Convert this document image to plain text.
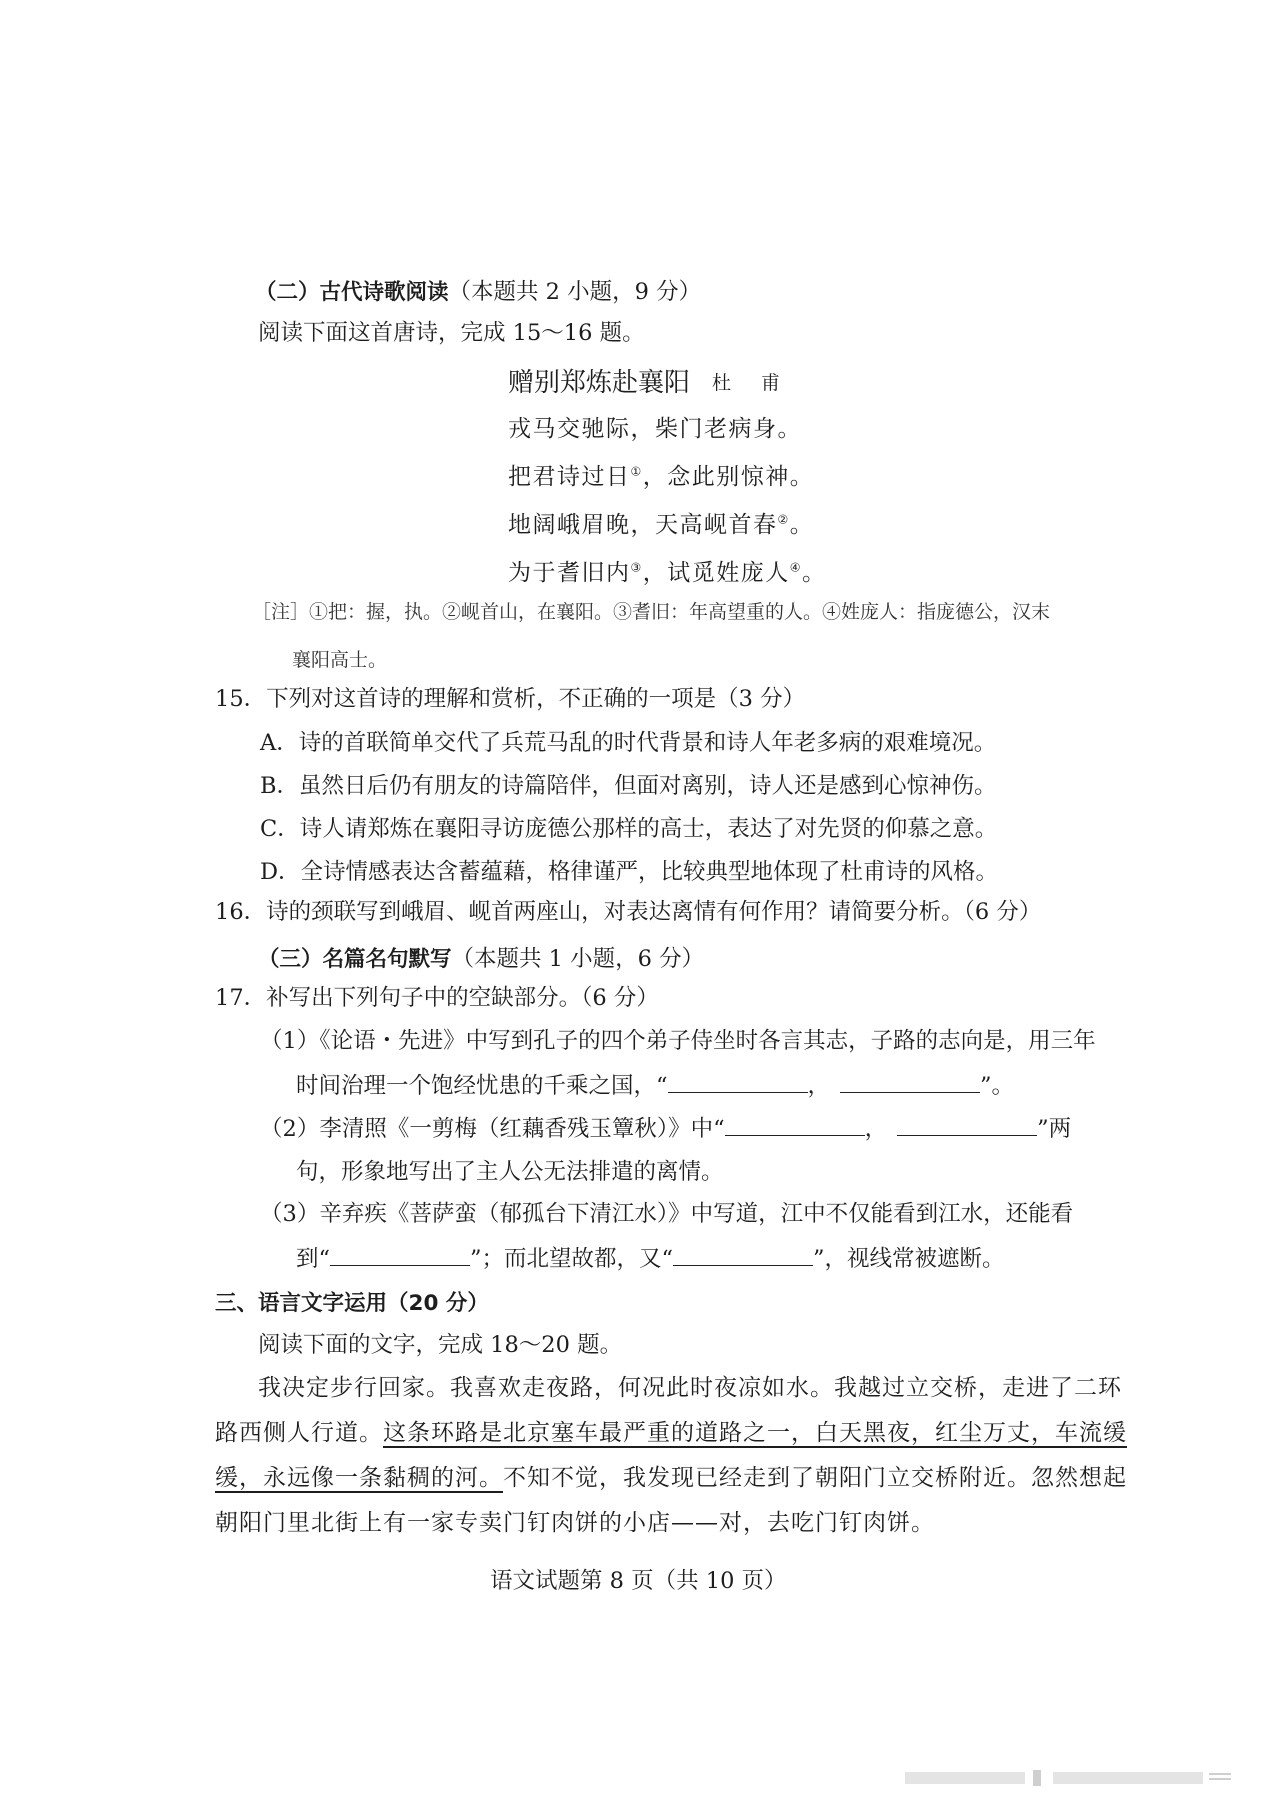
（二）古代诗歌阅读（本题共 2 小题，9 分）
阅读下面这首唐诗，完成 15～16 题。
赠别郑炼赴襄阳 杜 甫
戎马交驰际，柴门老病身。
把君诗过日①，念此别惊神。
地阔峨眉晚，天高岘首春②。
为于耆旧内③，试觅姓庞人④。
［注］①把：握，执。②岘首山，在襄阳。③耆旧：年高望重的人。④姓庞人：指庞德公，汉末
襄阳高士。
15．下列对这首诗的理解和赏析，不正确的一项是（3 分）
A．诗的首联简单交代了兵荒马乱的时代背景和诗人年老多病的艰难境况。
B．虽然日后仍有朋友的诗篇陪伴，但面对离别，诗人还是感到心惊神伤。
C．诗人请郑炼在襄阳寻访庞德公那样的高士，表达了对先贤的仰慕之意。
D．全诗情感表达含蓄蕴藉，格律谨严，比较典型地体现了杜甫诗的风格。
16．诗的颈联写到峨眉、岘首两座山，对表达离情有何作用？请简要分析。（6 分）
（三）名篇名句默写（本题共 1 小题，6 分）
17．补写出下列句子中的空缺部分。（6 分）
（1）《论语・先进》中写到孔子的四个弟子侍坐时各言其志，子路的志向是，用三年
时间治理一个饱经忧患的千乘之国，“	，	”。
（2）李清照《一剪梅（红藕香残玉簟秋）》中“	，	”两
句，形象地写出了主人公无法排遣的离情。
（3）辛弃疾《菩萨蛮（郁孤台下清江水）》中写道，江中不仅能看到江水，还能看
到“	”；而北望故都，又“	”，视线常被遮断。
三、语言文字运用（20 分）
阅读下面的文字，完成 18～20 题。
我决定步行回家。我喜欢走夜路，何况此时夜凉如水。我越过立交桥，走进了二环
路西侧人行道。这条环路是北京塞车最严重的道路之一，白天黑夜，红尘万丈，车流缓
缓，永远像一条黏稠的河。不知不觉，我发现已经走到了朝阳门立交桥附近。忽然想起
朝阳门里北街上有一家专卖门钉肉饼的小店——对，去吃门钉肉饼。
语文试题第 8 页（共 10 页）
